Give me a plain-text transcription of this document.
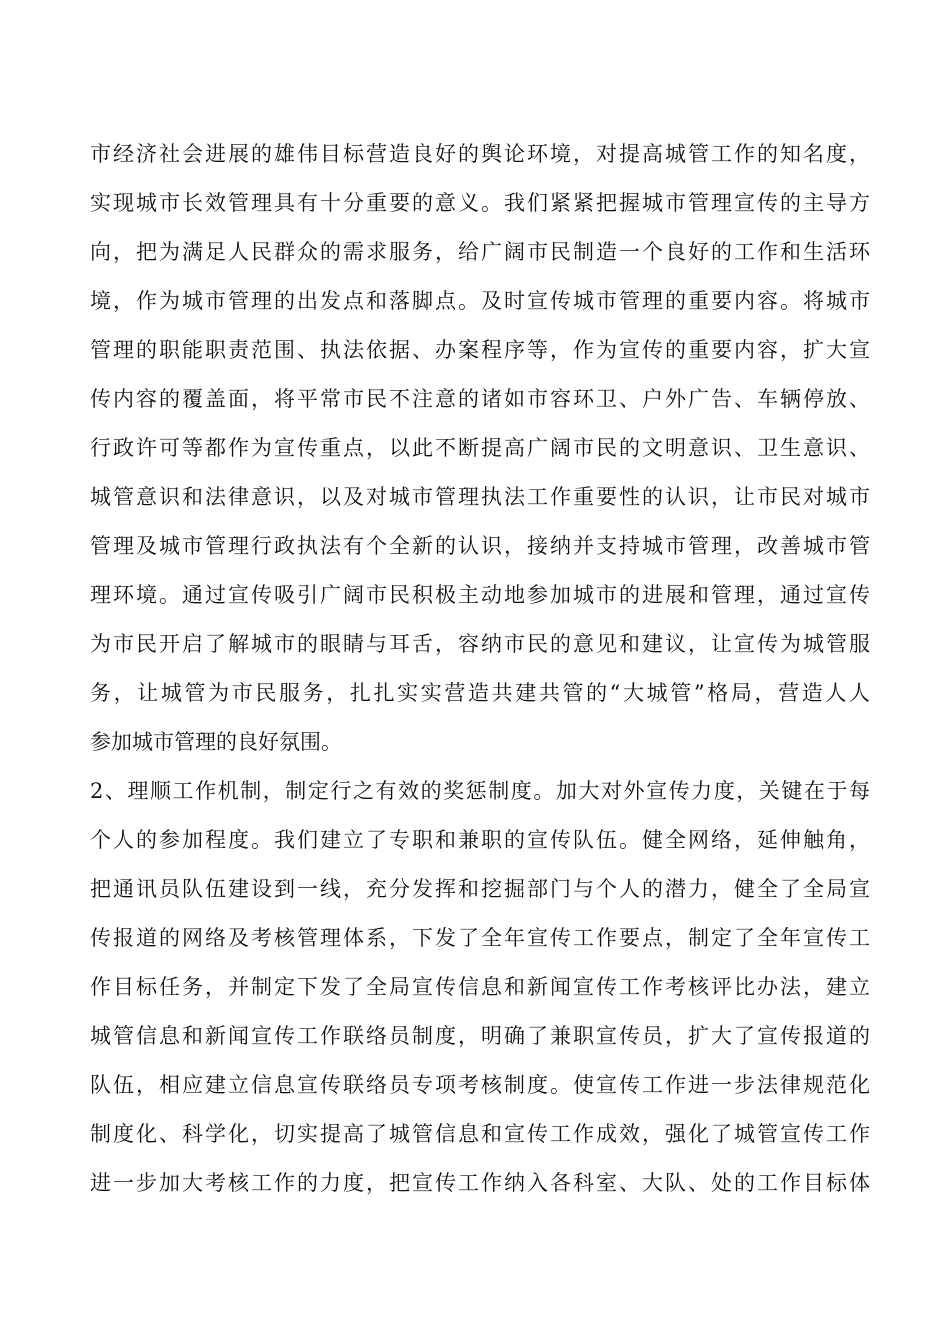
市经济社会进展的雄伟目标营造良好的舆论环境，对提高城管工作的知名度，
实现城市长效管理具有十分重要的意义。我们紧紧把握城市管理宣传的主导方
向，把为满足人民群众的需求服务，给广阔市民制造一个良好的工作和生活环
境，作为城市管理的出发点和落脚点。及时宣传城市管理的重要内容。将城市
管理的职能职责范围、执法依据、办案程序等，作为宣传的重要内容，扩大宣
传内容的覆盖面，将平常市民不注意的诸如市容环卫、户外广告、车辆停放、
行政许可等都作为宣传重点，以此不断提高广阔市民的文明意识、卫生意识、
城管意识和法律意识，以及对城市管理执法工作重要性的认识，让市民对城市
管理及城市管理行政执法有个全新的认识，接纳并支持城市管理，改善城市管
理环境。通过宣传吸引广阔市民积极主动地参加城市的进展和管理，通过宣传
为市民开启了解城市的眼睛与耳舌，容纳市民的意见和建议，让宣传为城管服
务，让城管为市民服务，扎扎实实营造共建共管的“大城管”格局，营造人人
参加城市管理的良好氛围。
2、理顺工作机制，制定行之有效的奖惩制度。加大对外宣传力度，关键在于每
个人的参加程度。我们建立了专职和兼职的宣传队伍。健全网络，延伸触角，
把通讯员队伍建设到一线，充分发挥和挖掘部门与个人的潜力，健全了全局宣
传报道的网络及考核管理体系，下发了全年宣传工作要点，制定了全年宣传工
作目标任务，并制定下发了全局宣传信息和新闻宣传工作考核评比办法，建立
城管信息和新闻宣传工作联络员制度，明确了兼职宣传员，扩大了宣传报道的
队伍，相应建立信息宣传联络员专项考核制度。使宣传工作进一步法律规范化
制度化、科学化，切实提高了城管信息和宣传工作成效，强化了城管宣传工作
进一步加大考核工作的力度，把宣传工作纳入各科室、大队、处的工作目标体
